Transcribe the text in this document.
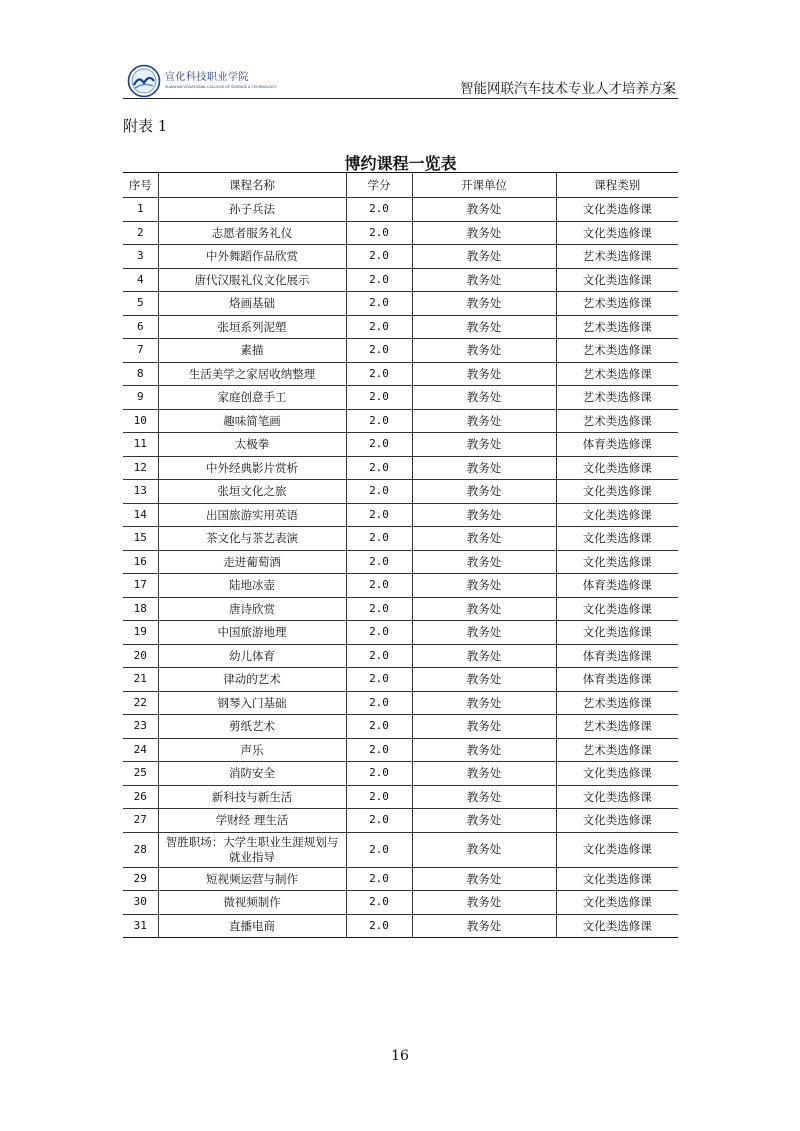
宣化科技职业学院
XUANHUA VOCATIONAL COLLEGE OF SCIENCE & TECHNOLOGY	智能网联汽车技术专业人才培养方案
附表 1
博约课程一览表
序号	课程名称	学分	开课单位	课程类别
1	孙子兵法	2.0	教务处	文化类选修课
2	志愿者服务礼仪	2.0	教务处	文化类选修课
3	中外舞蹈作品欣赏	2.0	教务处	艺术类选修课
4	唐代汉服礼仪文化展示	2.0	教务处	文化类选修课
5	烙画基础	2.0	教务处	艺术类选修课
6	张垣系列泥塑	2.0	教务处	艺术类选修课
7	素描	2.0	教务处	艺术类选修课
8	生活美学之家居收纳整理	2.0	教务处	艺术类选修课
9	家庭创意手工	2.0	教务处	艺术类选修课
10	趣味简笔画	2.0	教务处	艺术类选修课
11	太极拳	2.0	教务处	体育类选修课
12	中外经典影片赏析	2.0	教务处	文化类选修课
13	张垣文化之旅	2.0	教务处	文化类选修课
14	出国旅游实用英语	2.0	教务处	文化类选修课
15	茶文化与茶艺表演	2.0	教务处	文化类选修课
16	走进葡萄酒	2.0	教务处	文化类选修课
17	陆地冰壶	2.0	教务处	体育类选修课
18	唐诗欣赏	2.0	教务处	文化类选修课
19	中国旅游地理	2.0	教务处	文化类选修课
20	幼儿体育	2.0	教务处	体育类选修课
21	律动的艺术	2.0	教务处	体育类选修课
22	钢琴入门基础	2.0	教务处	艺术类选修课
23	剪纸艺术	2.0	教务处	艺术类选修课
24	声乐	2.0	教务处	艺术类选修课
25	消防安全	2.0	教务处	文化类选修课
26	新科技与新生活	2.0	教务处	文化类选修课
27	学财经 理生活	2.0	教务处	文化类选修课
28	智胜职场：大学生职业生涯规划与就业指导	2.0	教务处	文化类选修课
29	短视频运营与制作	2.0	教务处	文化类选修课
30	微视频制作	2.0	教务处	文化类选修课
31	直播电商	2.0	教务处	文化类选修课
16
